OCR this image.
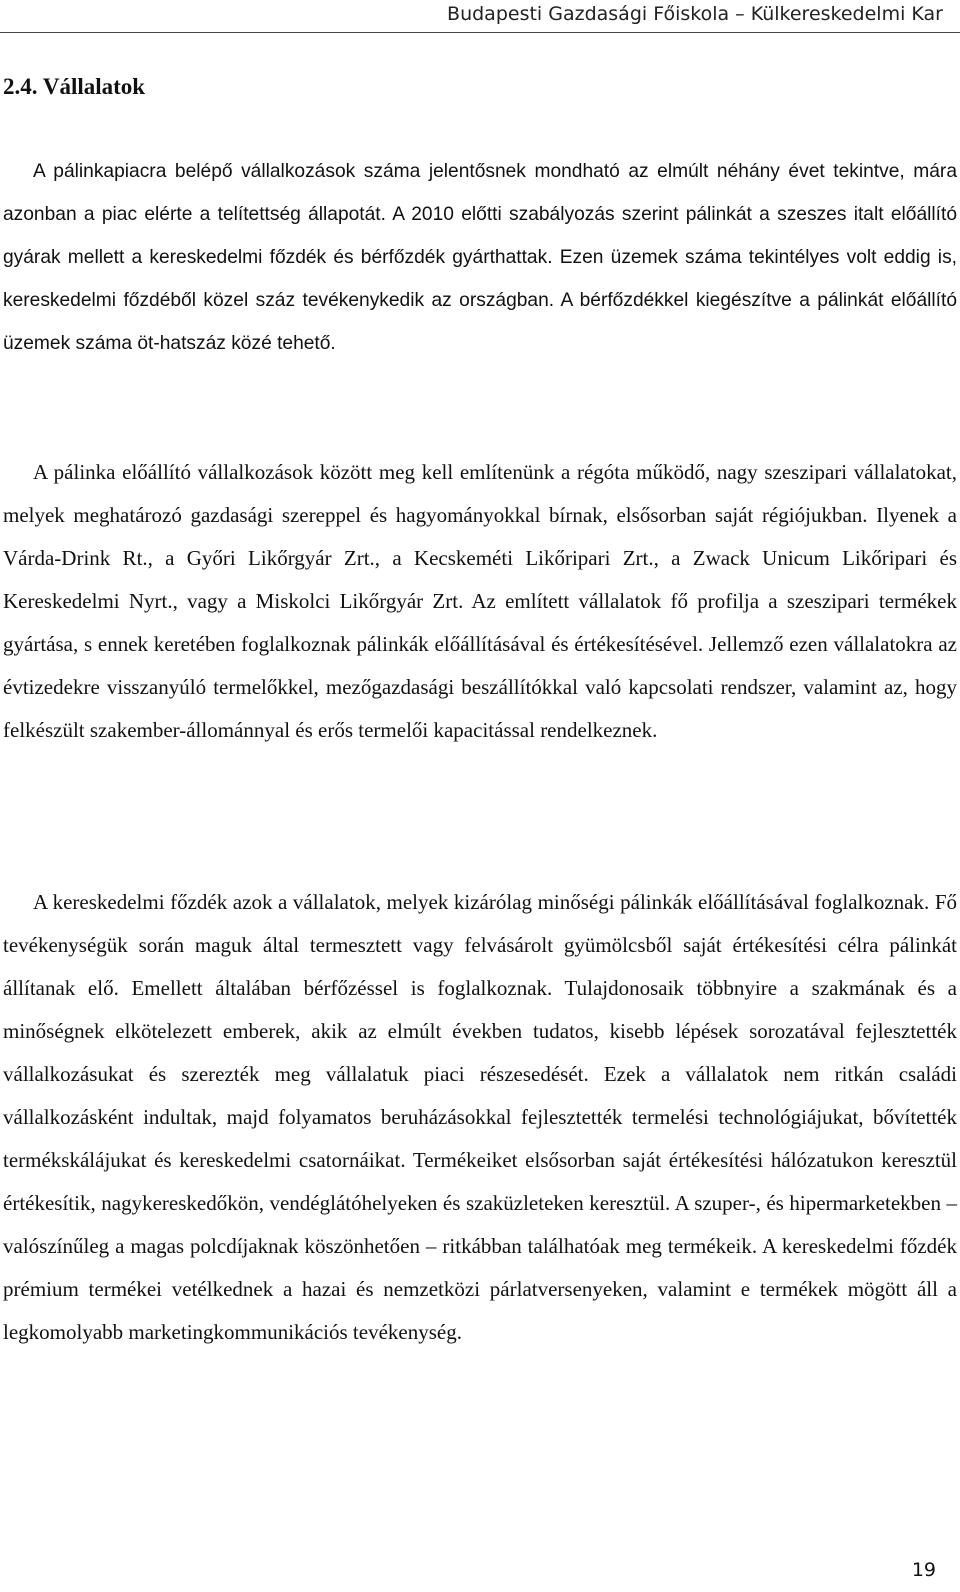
Budapesti Gazdasági Főiskola – Külkereskedelmi Kar
2.4. Vállalatok

A pálinkapiacra belépő vállalkozások száma jelentősnek mondható az elmúlt néhány évet tekintve, mára azonban a piac elérte a telítettség állapotát. A 2010 előtti szabályozás szerint pálinkát a szeszes italt előállító gyárak mellett a kereskedelmi főzdék és bérfőzdék gyárthattak. Ezen üzemek száma tekintélyes volt eddig is, kereskedelmi főzdéből közel száz tevékenykedik az országban. A bérfőzdékkel kiegészítve a pálinkát előállító üzemek száma öt-hatszáz közé tehető.

A pálinka előállító vállalkozások között meg kell említenünk a régóta működő, nagy szeszipari vállalatokat, melyek meghatározó gazdasági szereppel és hagyományokkal bírnak, elsősorban saját régiójukban. Ilyenek a Várda-Drink Rt., a Győri Likőrgyár Zrt., a Kecskeméti Likőripari Zrt., a Zwack Unicum Likőripari és Kereskedelmi Nyrt., vagy a Miskolci Likőrgyár Zrt. Az említett vállalatok fő profilja a szeszipari termékek gyártása, s ennek keretében foglalkoznak pálinkák előállításával és értékesítésével. Jellemző ezen vállalatokra az évtizedekre visszanyúló termelőkkel, mezőgazdasági beszállítókkal való kapcsolati rendszer, valamint az, hogy felkészült szakember-állománnyal és erős termelői kapacitással rendelkeznek.

A kereskedelmi főzdék azok a vállalatok, melyek kizárólag minőségi pálinkák előállításával foglalkoznak. Fő tevékenységük során maguk által termesztett vagy felvásárolt gyümölcsből saját értékesítési célra pálinkát állítanak elő. Emellett általában bérfőzéssel is foglalkoznak. Tulajdonosaik többnyire a szakmának és a minőségnek elkötelezett emberek, akik az elmúlt években tudatos, kisebb lépések sorozatával fejlesztették vállalkozásukat és szerezték meg vállalatuk piaci részesedését. Ezek a vállalatok nem ritkán családi vállalkozásként indultak, majd folyamatos beruházásokkal fejlesztették termelési technológiájukat, bővítették termékskálájukat és kereskedelmi csatornáikat. Termékeiket elsősorban saját értékesítési hálózatukon keresztül értékesítik, nagykereskedőkön, vendéglátóhelyeken és szaküzleteken keresztül. A szuper-, és hipermarketekben – valószínűleg a magas polcdíjaknak köszönhetően – ritkábban találhatóak meg termékeik. A kereskedelmi főzdék prémium termékei vetélkednek a hazai és nemzetközi párlatversenyeken, valamint e termékek mögött áll a legkomolyabb marketingkommunikációs tevékenység.

19
